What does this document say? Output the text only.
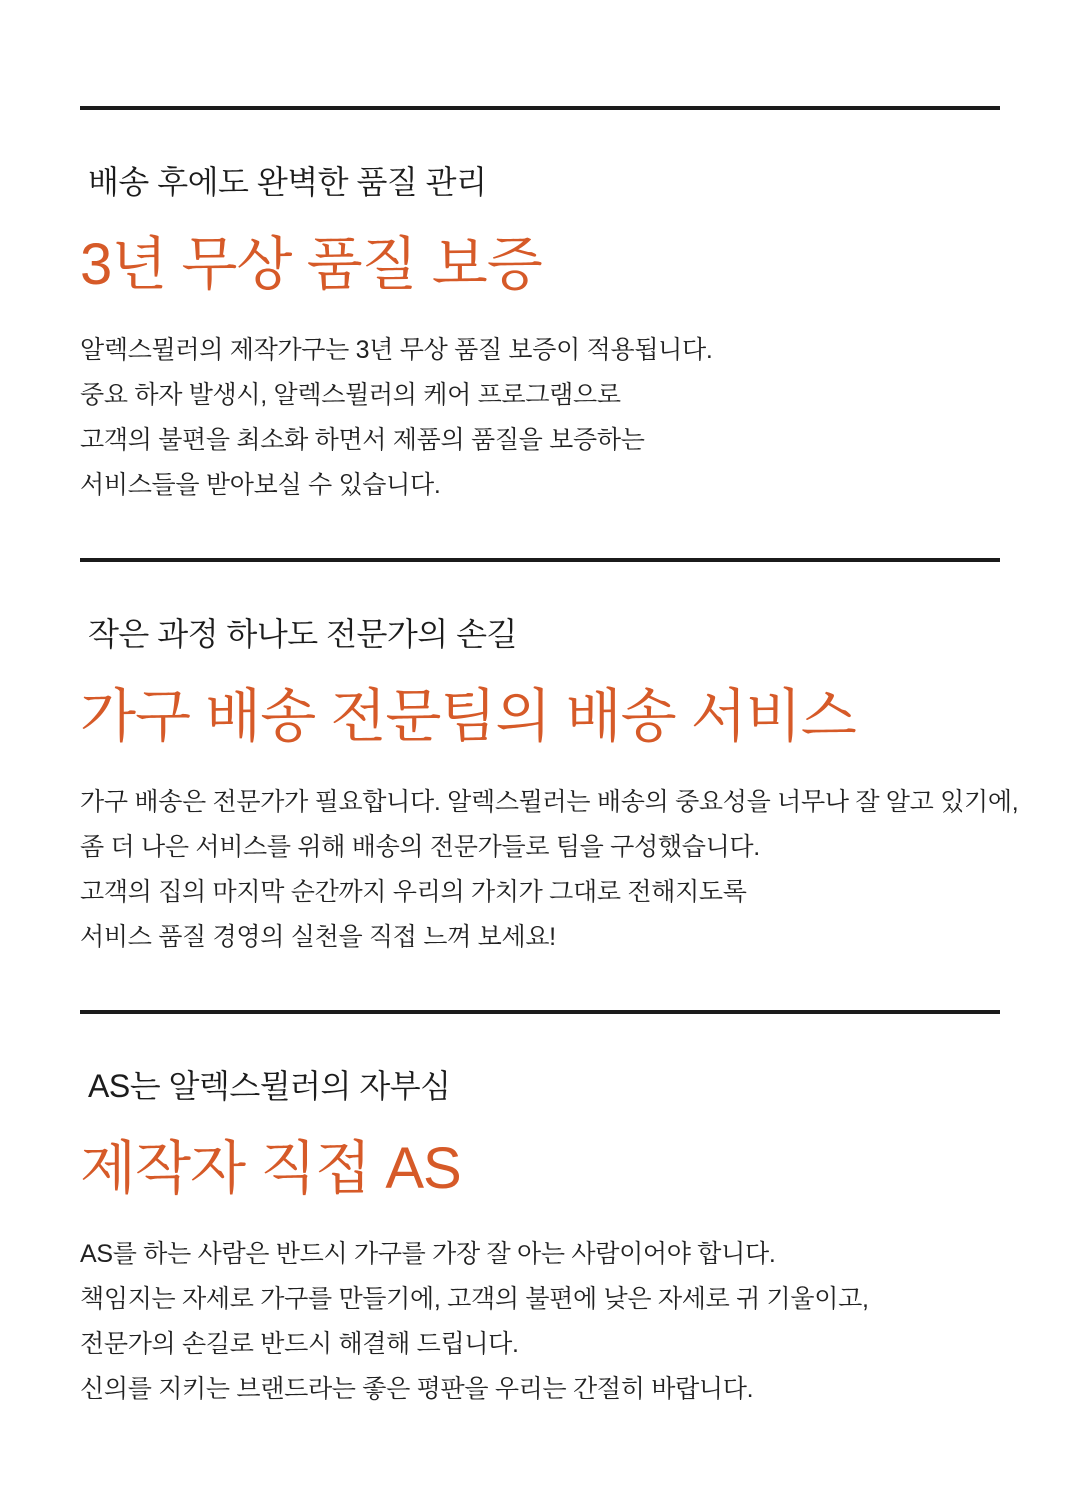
배송 후에도 완벽한 품질 관리
3년 무상 품질 보증
알렉스뮐러의 제작가구는 3년 무상 품질 보증이 적용됩니다.
중요 하자 발생시, 알렉스뮐러의 케어 프로그램으로
고객의 불편을 최소화 하면서 제품의 품질을 보증하는
서비스들을 받아보실 수 있습니다.
작은 과정 하나도 전문가의 손길
가구 배송 전문팀의 배송 서비스
가구 배송은 전문가가 필요합니다. 알렉스뮐러는 배송의 중요성을 너무나 잘 알고 있기에,
좀 더 나은 서비스를 위해 배송의 전문가들로 팀을 구성했습니다.
고객의 집의 마지막 순간까지 우리의 가치가 그대로 전해지도록
서비스 품질 경영의 실천을 직접 느껴 보세요!
AS는 알렉스뮐러의 자부심
제작자 직접 AS
AS를 하는 사람은 반드시 가구를 가장 잘 아는 사람이어야 합니다.
책임지는 자세로 가구를 만들기에, 고객의 불편에 낮은 자세로 귀 기울이고,
전문가의 손길로 반드시 해결해 드립니다.
신의를 지키는 브랜드라는 좋은 평판을 우리는 간절히 바랍니다.
